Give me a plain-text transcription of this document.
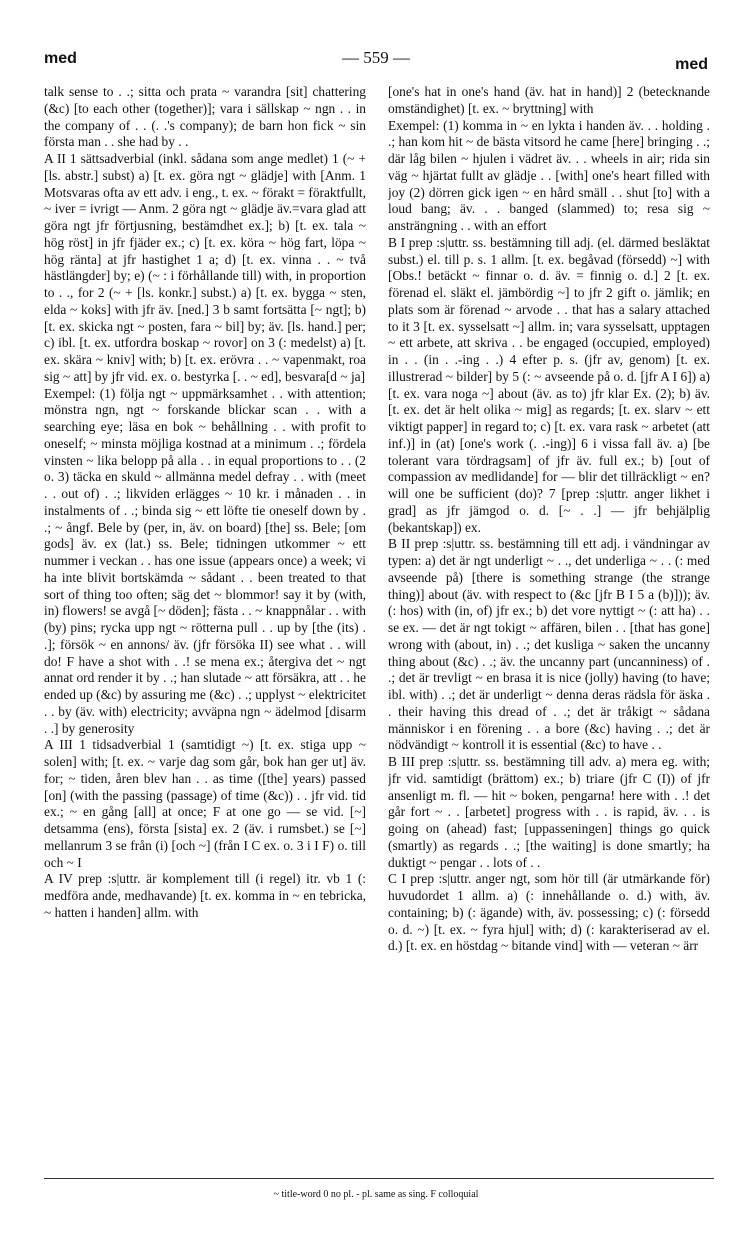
med	— 559 —	med

talk sense to . .; sitta och prata ~ varandra [sit] chattering (&c) [to each other (together)]; vara i sällskap ~ ngn . . in the company of . . (. .'s company); de barn hon fick ~ sin första man . . she had by . .

A II 1 sättsadverbial (inkl. sådana som ange medlet) 1 (~ + [ls. abstr.] subst) a) [t. ex. göra ngt ~ glädje] with [Anm. 1 Motsvaras ofta av ett adv. i eng., t. ex. ~ förakt = föraktfullt, ~ iver = ivrigt — Anm. 2 göra ngt ~ glädje äv.=vara glad att göra ngt jfr förtjusning, bestämdhet ex.]; b) [t. ex. tala ~ hög röst] in jfr fjäder ex.; c) [t. ex. köra ~ hög fart, löpa ~ hög ränta] at jfr hastighet 1 a; d) [t. ex. vinna . . ~ två hästlängder] by; e) (~ : i förhållande till) with, in proportion to . ., for 2 (~ + [ls. konkr.] subst.) a) [t. ex. bygga ~ sten, elda ~ koks] with jfr äv. [ned.] 3 b samt fortsätta [~ ngt]; b) [t. ex. skicka ngt ~ posten, fara ~ bil] by; äv. [ls. hand.] per; c) ibl. [t. ex. utfordra boskap ~ rovor] on 3 (: medelst) a) [t. ex. skära ~ kniv] with; b) [t. ex. erövra . . ~ vapenmakt, roa sig ~ att] by jfr vid. ex. o. bestyrka [. . ~ ed], besvara[d ~ ja]

Exempel: (1) följa ngt ~ uppmärksamhet . . with attention; mönstra ngn, ngt ~ forskande blickar scan . . with a searching eye; läsa en bok ~ behållning . . with profit to oneself; ~ minsta möjliga kostnad at a minimum . .; fördela vinsten ~ lika belopp på alla . . in equal proportions to . . (2 o. 3) täcka en skuld ~ allmänna medel defray . . with (meet . . out of) . .; likviden erlägges ~ 10 kr. i månaden . . in instalments of . .; binda sig ~ ett löfte tie oneself down by . .; ~ ångf. Bele by (per, in, äv. on board) [the] ss. Bele; [om gods] äv. ex (lat.) ss. Bele; tidningen utkommer ~ ett nummer i veckan . . has one issue (appears once) a week; vi ha inte blivit bortskämda ~ sådant . . been treated to that sort of thing too often; säg det ~ blommor! say it by (with, in) flowers! se avgå [~ döden]; fästa . . ~ knappnålar . . with (by) pins; rycka upp ngt ~ rötterna pull . . up by [the (its) . .]; försök ~ en annons/ äv. (jfr försöka II) see what . . will do! F have a shot with . .! se mena ex.; återgiva det ~ ngt annat ord render it by . .; han slutade ~ att försäkra, att . . he ended up (&c) by assuring me (&c) . .; upplyst ~ elektricitet . . by (äv. with) electricity; avväpna ngn ~ ädelmod [disarm . .] by generosity

A III 1 tidsadverbial 1 (samtidigt ~) [t. ex. stiga upp ~ solen] with; [t. ex. ~ varje dag som går, bok han ger ut] äv. for; ~ tiden, åren blev han . . as time ([the] years) passed [on] (with the passing (passage) of time (&c)) . . jfr vid. tid ex.; ~ en gång [all] at once; F at one go — se vid. [~] detsamma (ens), första [sista] ex. 2 (äv. i rumsbet.) se [~] mellanrum 3 se från (i) [och ~] (från I C ex. o. 3 i I F) o. till och ~ I

A IV prep :s|uttr. är komplement till (i regel) itr. vb 1 (: medföra ande, medhavande) [t. ex. komma in ~ en tebricka, ~ hatten i handen] allm. with

[one's hat in one's hand (äv. hat in hand)] 2 (betecknande omständighet) [t. ex. ~ bryttning] with

Exempel: (1) komma in ~ en lykta i handen äv. . . holding . .; han kom hit ~ de bästa vitsord he came [here] bringing . .; där låg bilen ~ hjulen i vädret äv. . . wheels in air; rida sin väg ~ hjärtat fullt av glädje . . [with] one's heart filled with joy (2) dörren gick igen ~ en hård smäll . . shut [to] with a loud bang; äv. . . banged (slammed) to; resa sig ~ ansträngning . . with an effort

B I prep :s|uttr. ss. bestämning till adj. (el. därmed besläktat subst.) el. till p. s. 1 allm. [t. ex. begåvad (försedd) ~] with [Obs.! betäckt ~ finnar o. d. äv. = finnig o. d.] 2 [t. ex. förenad el. släkt el. jämbördig ~] to jfr 2 gift o. jämlik; en plats som är förenad ~ arvode . . that has a salary attached to it 3 [t. ex. sysselsatt ~] allm. in; vara sysselsatt, upptagen ~ ett arbete, att skriva . . be engaged (occupied, employed) in . . (in . .-ing . .) 4 efter p. s. (jfr av, genom) [t. ex. illustrerad ~ bilder] by 5 (: ~ avseende på o. d. [jfr A I 6]) a) [t. ex. vara noga ~] about (äv. as to) jfr klar Ex. (2); b) äv. [t. ex. det är helt olika ~ mig] as regards; [t. ex. slarv ~ ett viktigt papper] in regard to; c) [t. ex. vara rask ~ arbetet (att inf.)] in (at) [one's work (. .-ing)] 6 i vissa fall äv. a) [be tolerant vara tördragsam] of jfr äv. full ex.; b) [out of compassion av medlidande] for — blir det tillräckligt ~ en? will one be sufficient (do)? 7 [prep :s|uttr. anger likhet i grad] as jfr jämgod o. d. [~ . .] — jfr behjälplig (bekantskap]) ex.

B II prep :s|uttr. ss. bestämning till ett adj. i vändningar av typen: a) det är ngt underligt ~ . ., det underliga ~ . . (: med avseende på) [there is something strange (the strange thing)] about (äv. with respect to (&c [jfr B I 5 a (b)])); äv. (: hos) with (in, of) jfr ex.; b) det vore nyttigt ~ (: att ha) . . se ex. — det är ngt tokigt ~ affären, bilen . . [that has gone] wrong with (about, in) . .; det kusliga ~ saken the uncanny thing about (&c) . .; äv. the uncanny part (uncanniness) of . .; det är trevligt ~ en brasa it is nice (jolly) having (to have; ibl. with) . .; det är underligt ~ denna deras rädsla för äska . . their having this dread of . .; det är tråkigt ~ sådana människor i en förening . . a bore (&c) having . .; det är nödvändigt ~ kontroll it is essential (&c) to have . .

B III prep :s|uttr. ss. bestämning till adv. a) mera eg. with; jfr vid. samtidigt (brättom) ex.; b) triare (jfr C (I)) of jfr ansenligt m. fl. — hit ~ boken, pengarna! here with . .! det går fort ~ . . [arbetet] progress with . . is rapid, äv. . . is going on (ahead) fast; [uppasseningen] things go quick (smartly) as regards . .; [the waiting] is done smartly; ha duktigt ~ pengar . . lots of . .

C I prep :s|uttr. anger ngt, som hör till (är utmärkande för) huvudordet 1 allm. a) (: innehållande o. d.) with, äv. containing; b) (: ägande) with, äv. possessing; c) (: försedd o. d. ~) [t. ex. ~ fyra hjul] with; d) (: karakteriserad av el. d.) [t. ex. en höstdag ~ bitande vind] with — veteran ~ ärr

~ title-word 0 no pl. - pl. same as sing. F colloquial
